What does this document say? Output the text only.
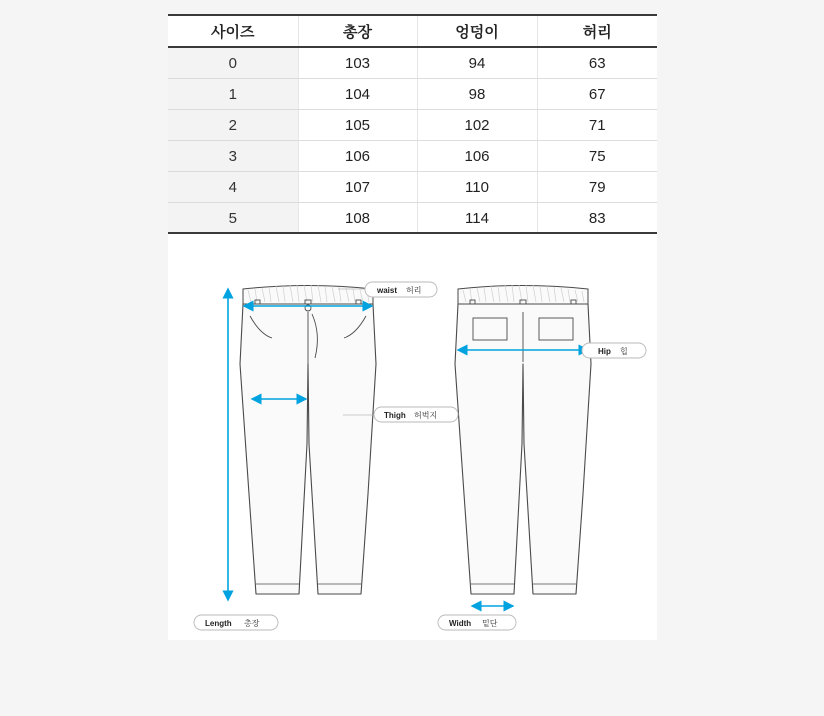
사이즈	총장	엉덩이	허리
0	103	94	63
1	104	98	67
2	105	102	71
3	106	106	75
4	107	110	79
5	108	114	83
waist 허리
Thigh 허벅지
Hip 힙
Length 총장	Width 밑단
